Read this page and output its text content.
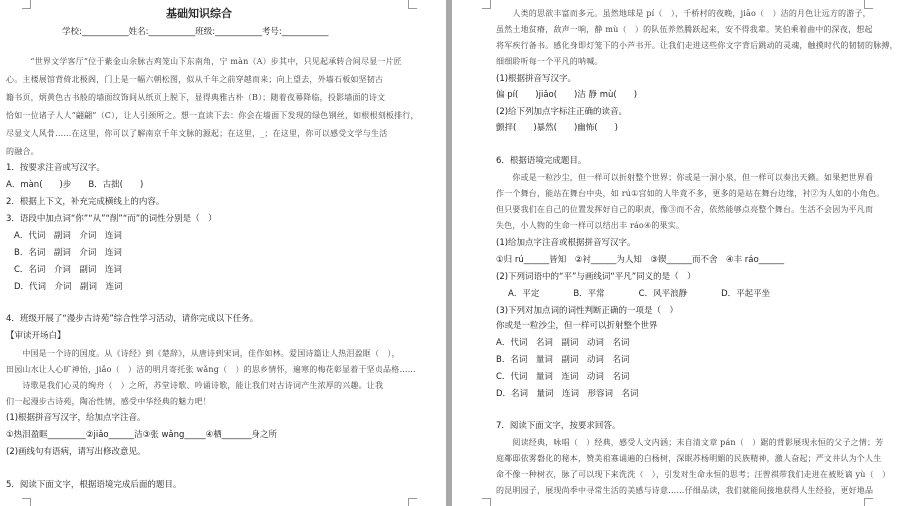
基础知识综合
学校:___________姓名:___________班级:___________考号:___________
　　“世界文学客厅”位于紫金山余脉古鸡笼山下东南角，宁 màn（A）步其中，只见起承转合间尽显一片匠
心。主楼展馆背倚北极阁，门上是一幅六朝松图，似从千年之前穿越而来；向上望去，外墙石板如坚韧古
籍书页，炳黄色古书般的墙面纹饰间从纸页上脱下，显得典雅古朴（B）；随着夜幕降临，投影墙面的诗文
恰如一位诸子人人“翩翩”（C），让人引颈所之。想一直读下去：你会在墙面下发现的绿色钢丝，如根根刻板排行，
尽显文人风骨……在这里，你可以了解南京千年文脉的源起；在这里，_；在这里，你可以感受文学与生活
的融合。
1．按要求注音或写汉字。
A．màn(　　)步　　B．古拙(　　)
2．根据上下文，补充完成横线上的内容。
3．语段中加点词“你”“从”“削”“而”的词性分别是（　）
A．代词　副词　介词　连词
B．名词　副词　介词　连词
C．名词　介词　副词　连词
D．代词　介词　副词　连词
4．班级开展了“漫步古诗苑”综合性学习活动，请你完成以下任务。
【审读开场白】
　　中国是一个诗的国度。从《诗经》到《楚辞》，从唐诗到宋词，佳作如林。爱国诗篇让人热泪盈眶（　），
田园山水让人心旷神怡，jiǎo（　）洁的明月寄托张 wǎng（　）的思乡情怀，遍寒的梅花彰显着于坚贞品格……
　　诗歌是我们心灵的绚舟（　）之所，苏堂诗歌、吟诵诗歌，能让我们对古诗词产生浓厚的兴趣。让我
们一起漫步古诗苑，陶冶性情，感受中华经典的魅力吧！
(1)根据拼音写汉字，给加点字注音。
①热泪盈眶_________②jiǎo______洁③张 wǎng_____④栖_______身之所
(2)画线句有语病，请写出修改意见。
5．阅读下面文字，根据语境完成后面的题目。
　　人类的思欲丰富而多元。虽然地球是 pí（　），千桥村的夜晚，jiāo（　）洁的月色让远方的游子，
虽然土地贫瘠，敌声一响，静 mù（　）的队伍养然腾跃起来，安不得我辈。笑伯乘着曲中的深夜，想起
将军疾行备书。感化身即灯笼下的小芦书开。让我们走进这些你文字背后跳动的灵魂，触摸时代的韧韧的脉搏，
细细聆听每一个平凡的呐喊。
(1)根据拼音写汉字。
偏 pí(　　)jiǎo(　　)洁 静 mù(　　)
(2)给下列加点字标注正确的读音。
颤拌(　　)暴然(　　)幽怖(　　)
6．根据语境完成题目。
　　你或是一粒沙尘，但一样可以折射整个世界；你或是一洞小泉，但一样可以奏出天籁。如果把世界看
作一个舞台，能站在舞台中央，如 rú①宫如的人毕竟不多，更多的是站在舞台边缘，衬②为人如的小角色。
但只要我们在自己的位置发挥好自己的职责，像③而不舍，依然能够点亮整个舞台。生活不会因为平凡而
失色，小人物的生命一样可以结出丰 ráo④的果实。
(1)给加点字注音或根据拼音写汉字。
①归 rú______皆知　②衬______为人知　③锲______而不舍　④丰 ráo______
(2)下列词语中的“平”与画线词“平凡”同义的是（　）
A．平定　　　　B．平常　　　　C．风平浪静　　　　D．平起平坐
(3)下列对加点词的词性判断正确的一项是（　）
你或是一粒沙尘，但一样可以折射整个世界
A．代词　名词　副词　动词　名词
B．名词　量词　副词　动词　名词
C．代词　量词　连词　动词　名词
D．名词　量词　连词　形容词　名词
7．阅读下面文字，按要求回答。
　　阅读经典，咏唱（　）经典，感受人文内涵；末自清文章 pán（　）踞的背影展现永恒的父子之情；芳
庭鄰邸依雾磐化的秘本，赞美祖寡诵遍的白杨树，深眠苏杨明媚的民族精神，激人奋起；严文井认为个人生
命不像一种树衣，脉了可以现下来洗洗（　），引发对生命永恒的思考；汪曾祺带我们走进在被贬谪 yù（　）
的昆明园子，展现尚季中寻常生活的美感与诗意……仔细品读，我们就能间接地获得人生经验，更好地品
